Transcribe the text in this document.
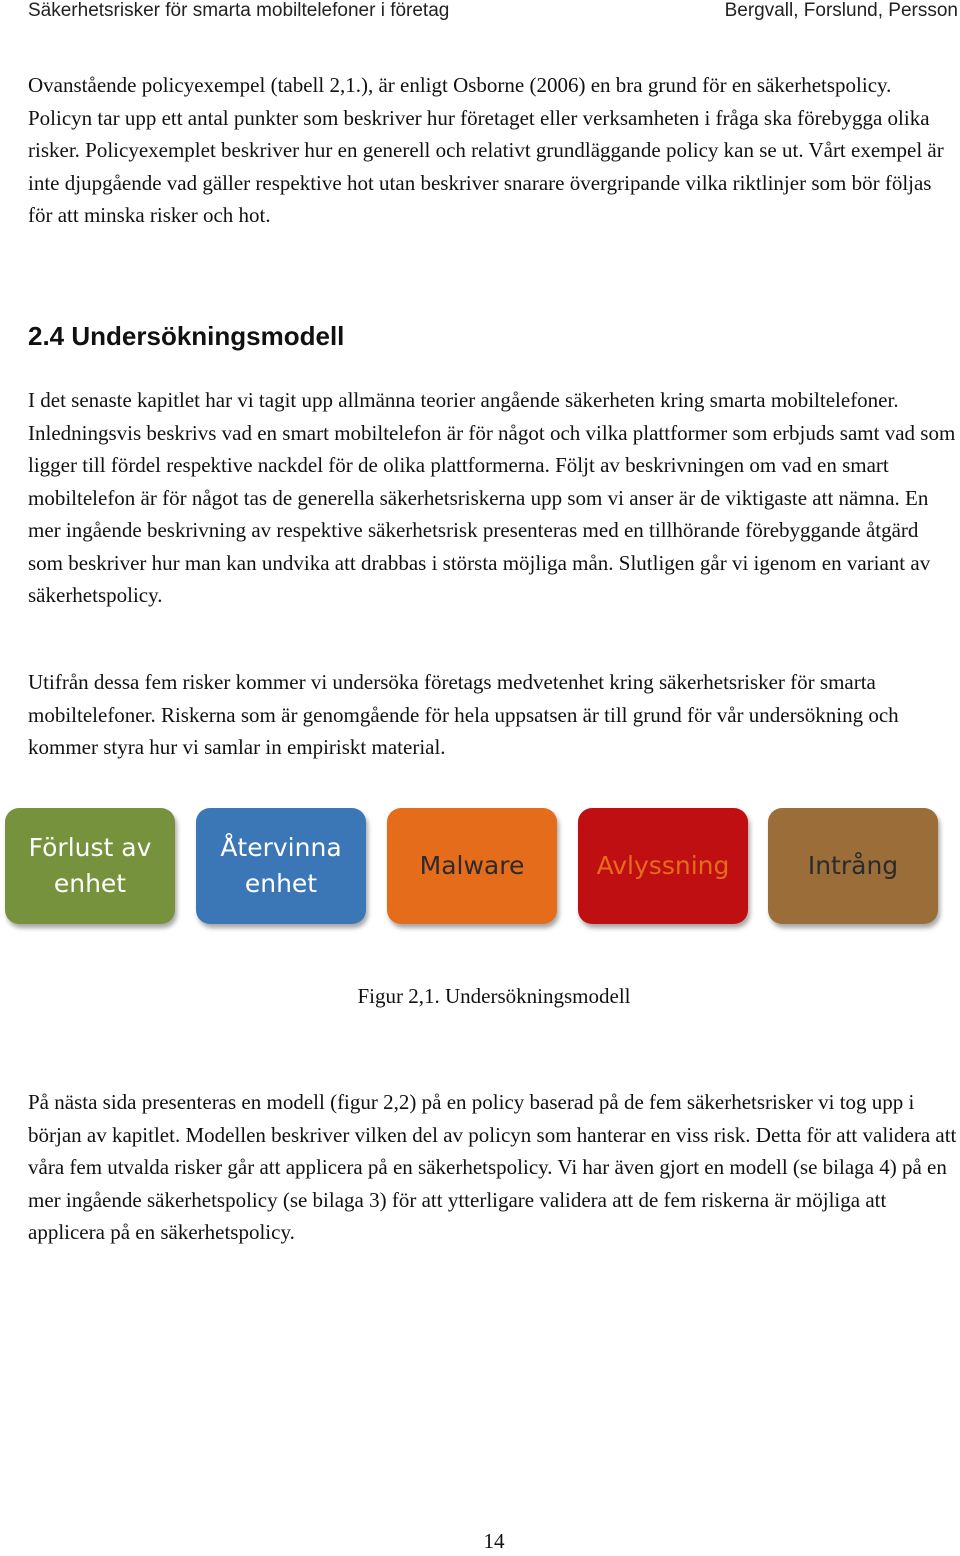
Säkerhetsrisker för smarta mobiltelefoner i företag	Bergvall, Forslund, Persson

Ovanstående policyexempel (tabell 2,1.), är enligt Osborne (2006) en bra grund för en säkerhetspolicy. Policyn tar upp ett antal punkter som beskriver hur företaget eller verksamheten i fråga ska förebygga olika risker. Policyexemplet beskriver hur en generell och relativt grundläggande policy kan se ut. Vårt exempel är inte djupgående vad gäller respektive hot utan beskriver snarare övergripande vilka riktlinjer som bör följas för att minska risker och hot.

2.4 Undersökningsmodell

I det senaste kapitlet har vi tagit upp allmänna teorier angående säkerheten kring smarta mobiltelefoner. Inledningsvis beskrivs vad en smart mobiltelefon är för något och vilka plattformer som erbjuds samt vad som ligger till fördel respektive nackdel för de olika plattformerna. Följt av beskrivningen om vad en smart mobiltelefon är för något tas de generella säkerhetsriskerna upp som vi anser är de viktigaste att nämna. En mer ingående beskrivning av respektive säkerhetsrisk presenteras med en tillhörande förebyggande åtgärd som beskriver hur man kan undvika att drabbas i största möjliga mån. Slutligen går vi igenom en variant av säkerhetspolicy.

Utifrån dessa fem risker kommer vi undersöka företags medvetenhet kring säkerhetsrisker för smarta mobiltelefoner. Riskerna som är genomgående för hela uppsatsen är till grund för vår undersökning och kommer styra hur vi samlar in empiriskt material.

Förlust av
enhet
Återvinna
enhet
Malware	Avlyssning	Intrång
Figur 2,1. Undersökningsmodell

På nästa sida presenteras en modell (figur 2,2) på en policy baserad på de fem säkerhetsrisker vi tog upp i början av kapitlet. Modellen beskriver vilken del av policyn som hanterar en viss risk. Detta för att validera att våra fem utvalda risker går att applicera på en säkerhetspolicy. Vi har även gjort en modell (se bilaga 4) på en mer ingående säkerhetspolicy (se bilaga 3) för att ytterligare validera att de fem riskerna är möjliga att applicera på en säkerhetspolicy.

14
